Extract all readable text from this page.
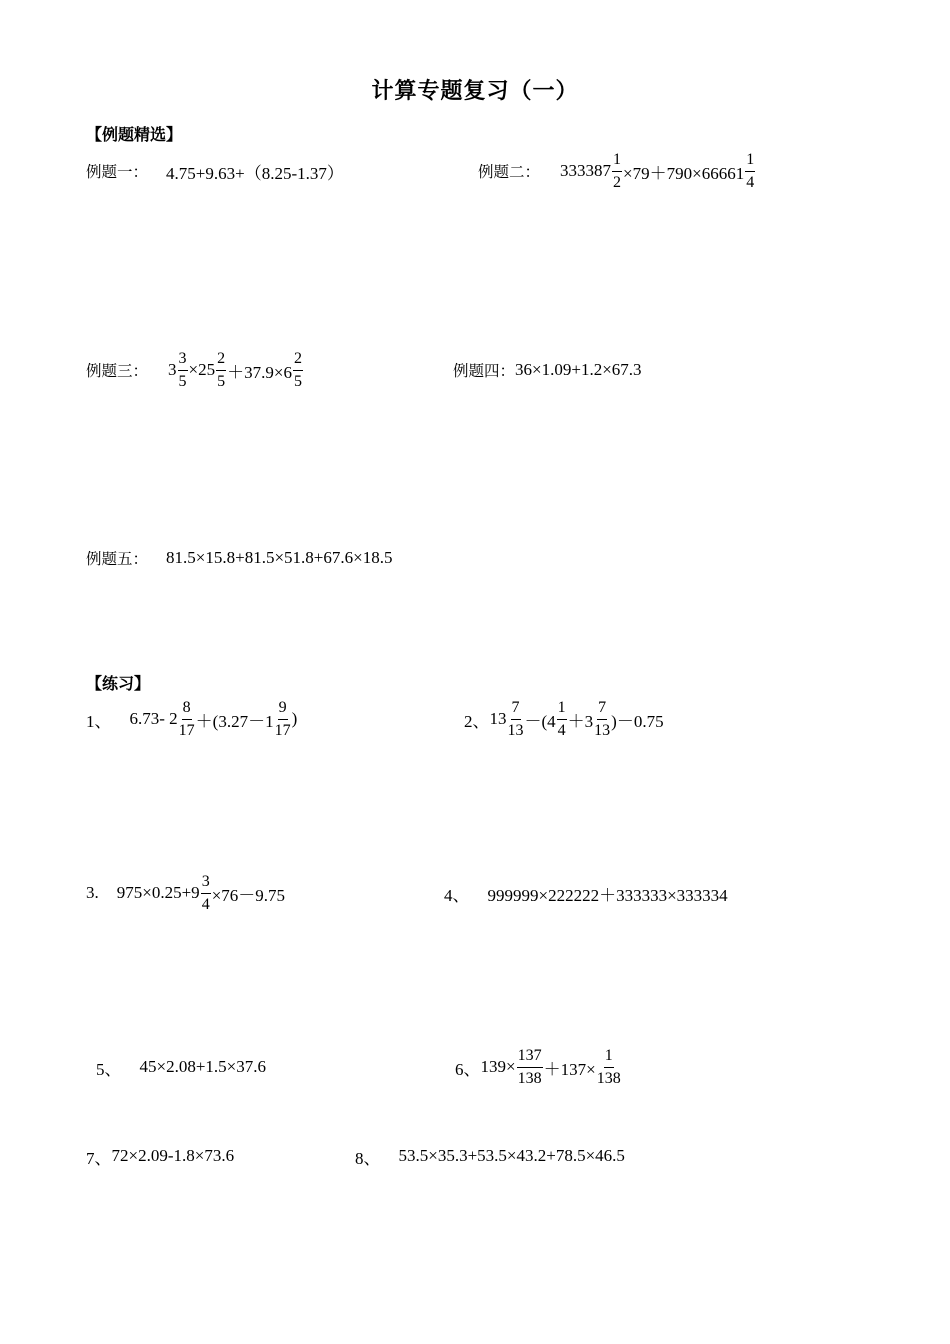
计算专题复习（一）
【例题精选】
例题一： 4.75+9.63+（8.25-1.37）	例题二： $333387 \frac{1}{2} \times 79+790\times 66661 \frac{1}{4}$
例题三： $3 \frac{3}{5} \times 25 \frac{2}{5} +37.9\times 6 \frac{2}{5}$	例题四： 36×1.09+1.2×67.3
例题五： 81.5×15.8+81.5×51.8+67.6×18.5
【练习】
1、 6.73- $2 \frac{8}{17} +(3.27-1 \frac{9}{17}$ )	2、 $13 \frac{7}{13} -(4 \frac{1}{4} +3 \frac{7}{13} )-0.75$
3. $975\times 0.25+9 \frac{3}{4} \times 76-9.75$	4、 999999×222222＋333333×333334
5、 45×2.08+1.5×37.6	6、 $139\times \frac{137}{138} +137\times \frac{1}{138}$
7、 72×2.09-1.8×73.6	8、 53.5×35.3+53.5×43.2+78.5×46.5
